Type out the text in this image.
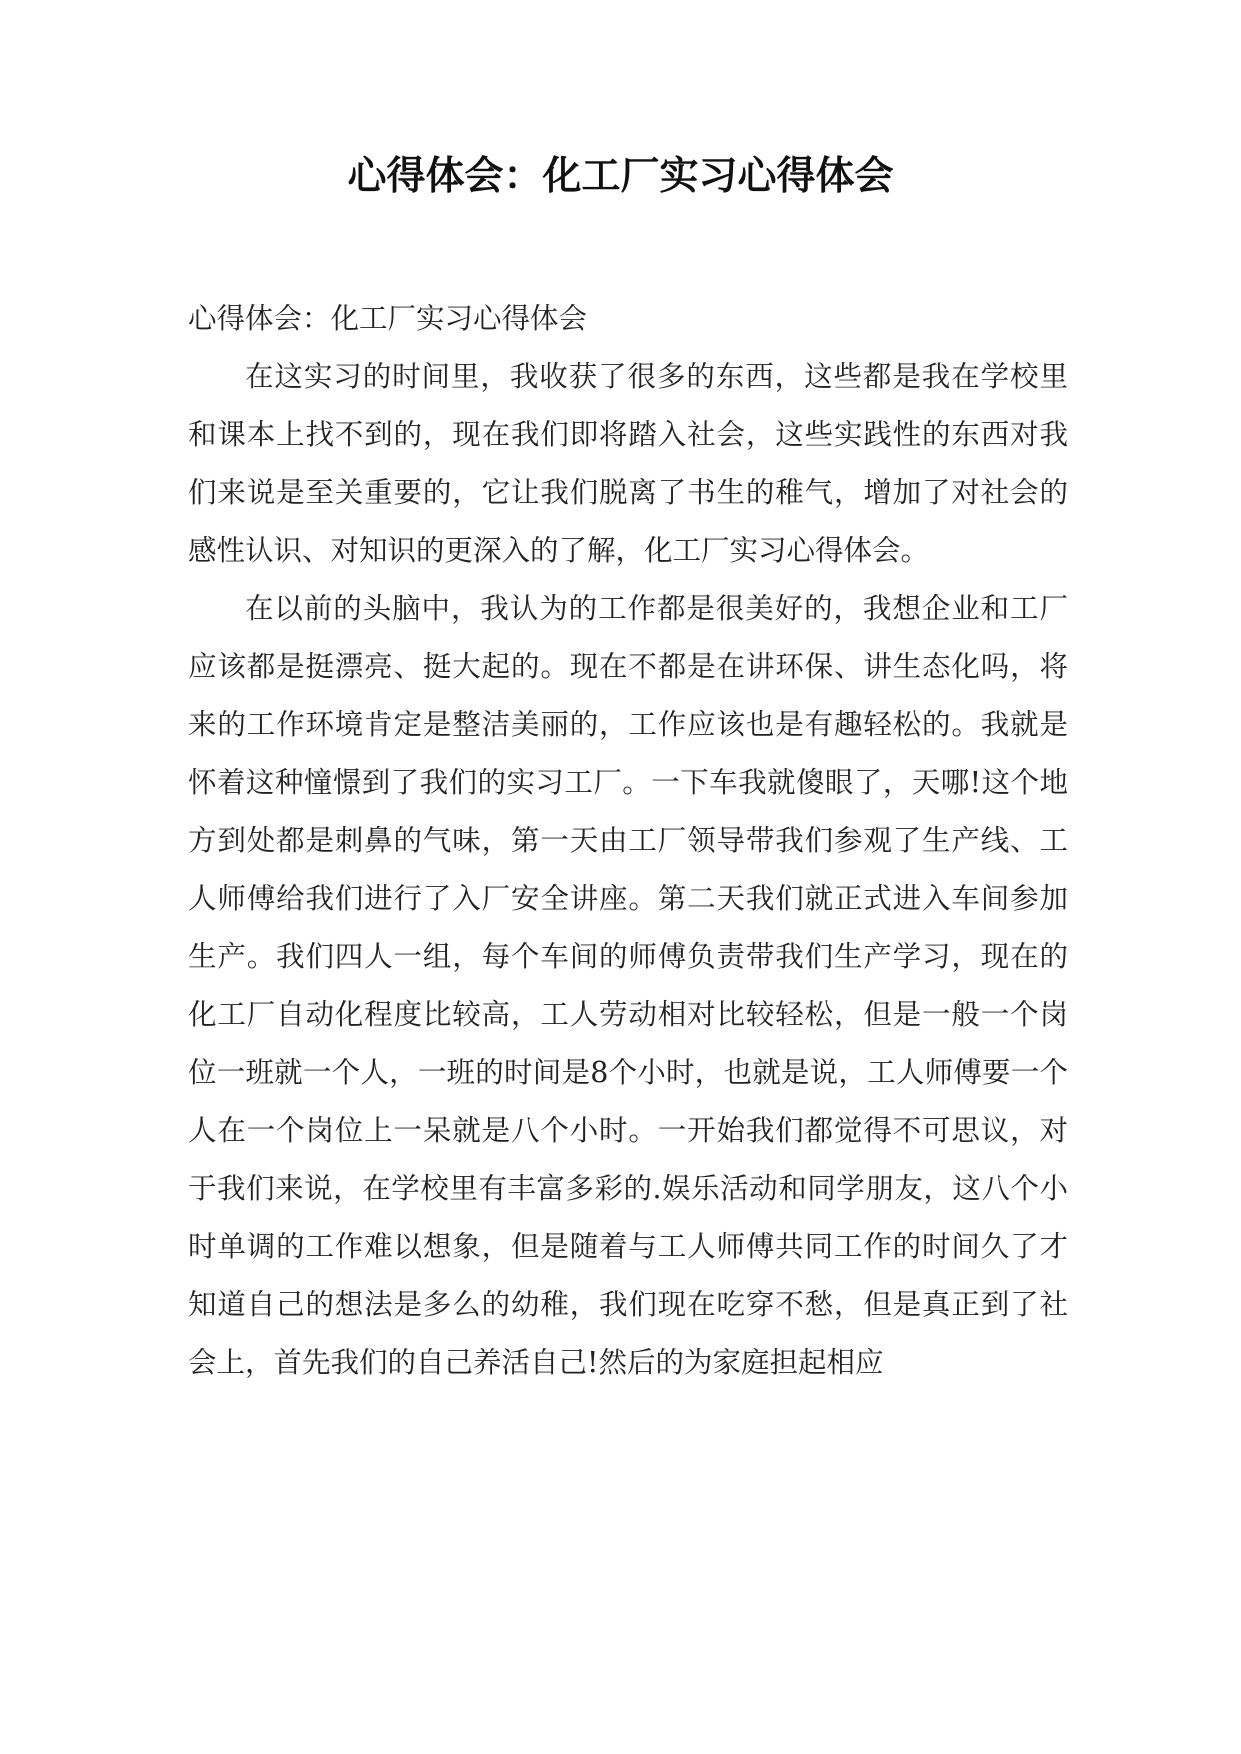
心得体会：化工厂实习心得体会

心得体会：化工厂实习心得体会

在这实习的时间里，我收获了很多的东西，这些都是我在学校里和课本上找不到的，现在我们即将踏入社会，这些实践性的东西对我们来说是至关重要的，它让我们脱离了书生的稚气，增加了对社会的感性认识、对知识的更深入的了解，化工厂实习心得体会。

在以前的头脑中，我认为的工作都是很美好的，我想企业和工厂应该都是挺漂亮、挺大起的。现在不都是在讲环保、讲生态化吗，将来的工作环境肯定是整洁美丽的，工作应该也是有趣轻松的。我就是怀着这种憧憬到了我们的实习工厂。一下车我就傻眼了，天哪!这个地方到处都是刺鼻的气味，第一天由工厂领导带我们参观了生产线、工人师傅给我们进行了入厂安全讲座。第二天我们就正式进入车间参加生产。我们四人一组，每个车间的师傅负责带我们生产学习，现在的化工厂自动化程度比较高，工人劳动相对比较轻松，但是一般一个岗位一班就一个人，一班的时间是8个小时，也就是说，工人师傅要一个人在一个岗位上一呆就是八个小时。一开始我们都觉得不可思议，对于我们来说，在学校里有丰富多彩的.娱乐活动和同学朋友，这八个小时单调的工作难以想象，但是随着与工人师傅共同工作的时间久了才知道自己的想法是多么的幼稚，我们现在吃穿不愁，但是真正到了社会上，首先我们的自己养活自己!然后的为家庭担起相应
